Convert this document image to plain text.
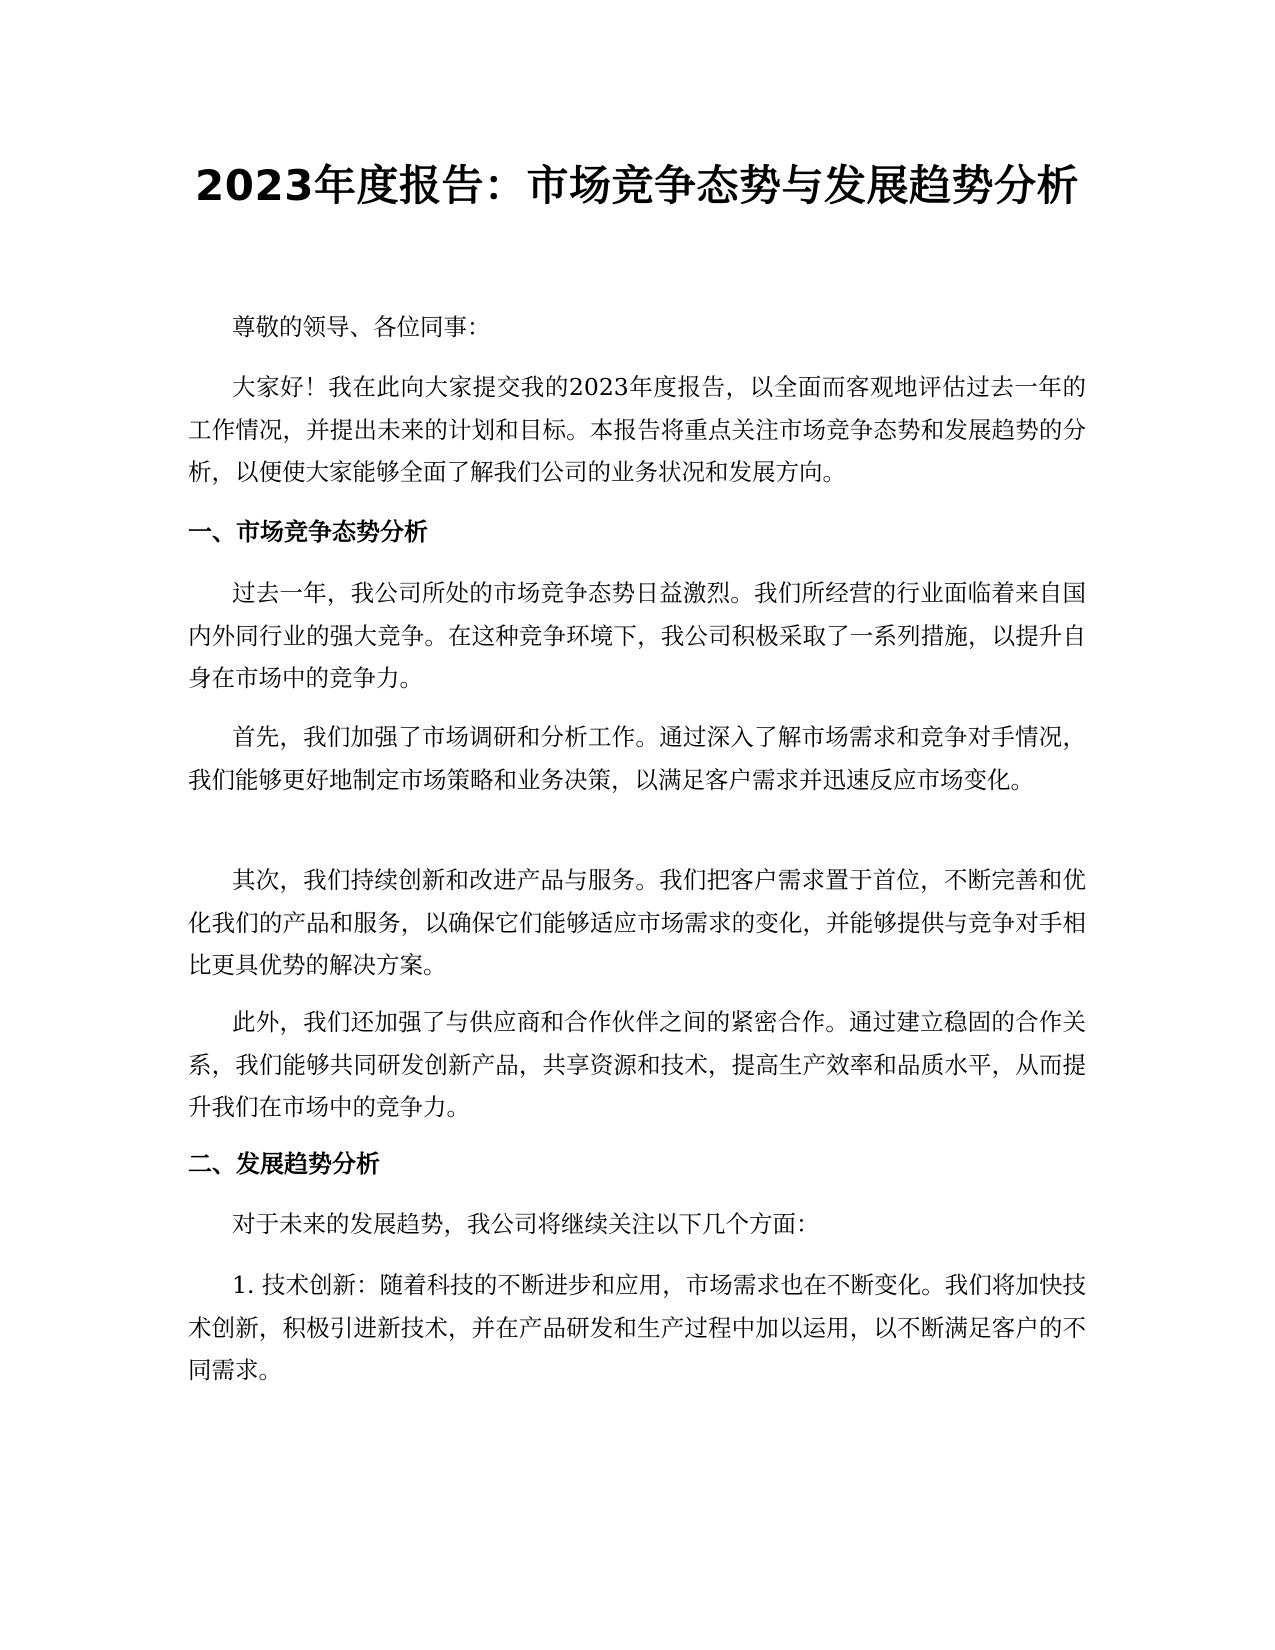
2023年度报告：市场竞争态势与发展趋势分析

尊敬的领导、各位同事：

大家好！我在此向大家提交我的2023年度报告，以全面而客观地评估过去一年的工作情况，并提出未来的计划和目标。本报告将重点关注市场竞争态势和发展趋势的分析，以便使大家能够全面了解我们公司的业务状况和发展方向。

一、市场竞争态势分析

过去一年，我公司所处的市场竞争态势日益激烈。我们所经营的行业面临着来自国内外同行业的强大竞争。在这种竞争环境下，我公司积极采取了一系列措施，以提升自身在市场中的竞争力。

首先，我们加强了市场调研和分析工作。通过深入了解市场需求和竞争对手情况，我们能够更好地制定市场策略和业务决策，以满足客户需求并迅速反应市场变化。

其次，我们持续创新和改进产品与服务。我们把客户需求置于首位，不断完善和优化我们的产品和服务，以确保它们能够适应市场需求的变化，并能够提供与竞争对手相比更具优势的解决方案。

此外，我们还加强了与供应商和合作伙伴之间的紧密合作。通过建立稳固的合作关系，我们能够共同研发创新产品，共享资源和技术，提高生产效率和品质水平，从而提升我们在市场中的竞争力。

二、发展趋势分析

对于未来的发展趋势，我公司将继续关注以下几个方面：

1. 技术创新：随着科技的不断进步和应用，市场需求也在不断变化。我们将加快技术创新，积极引进新技术，并在产品研发和生产过程中加以运用，以不断满足客户的不同需求。
